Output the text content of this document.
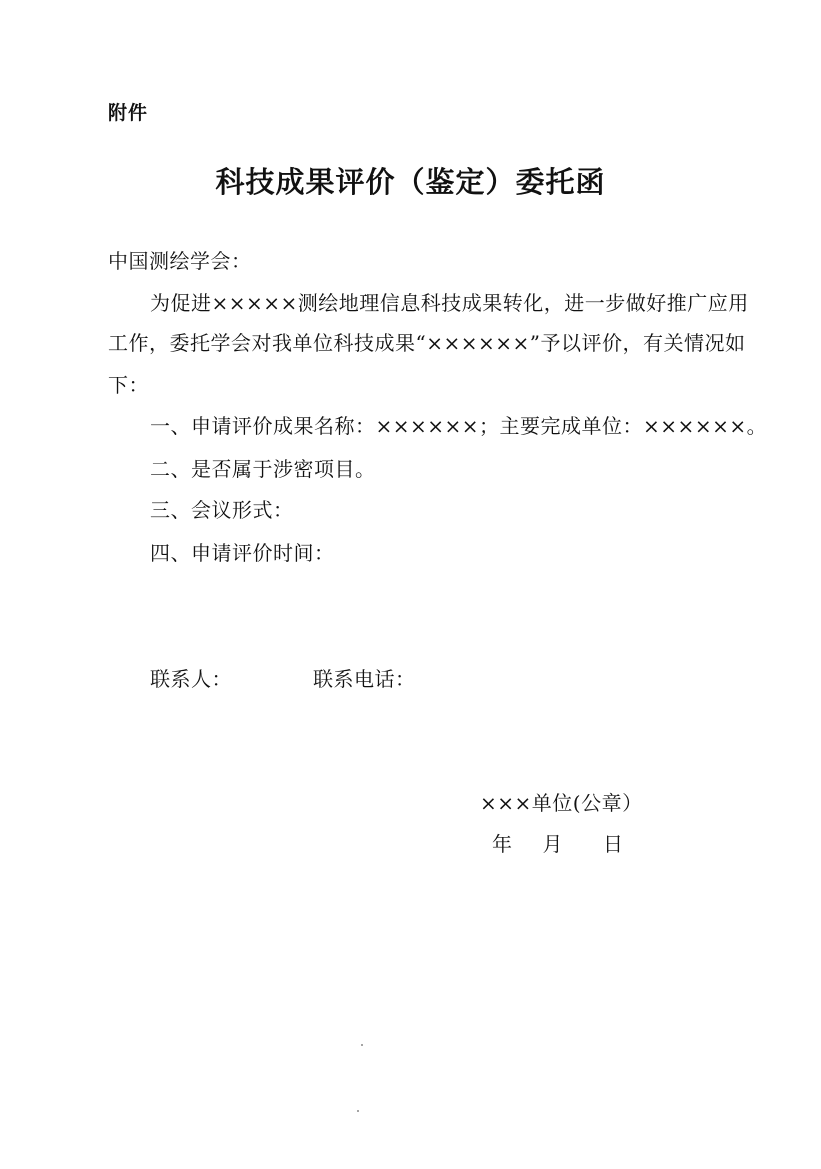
附件
科技成果评价（鉴定）委托函
中国测绘学会：
为促进×××××测绘地理信息科技成果转化，进一步做好推广应用
工作，委托学会对我单位科技成果“××××××”予以评价，有关情况如
下：
一、申请评价成果名称：××××××；主要完成单位：××××××。
二、是否属于涉密项目。
三、会议形式：
四、申请评价时间：
联系人：	联系电话：
×××单位(公章）
年 月 日
